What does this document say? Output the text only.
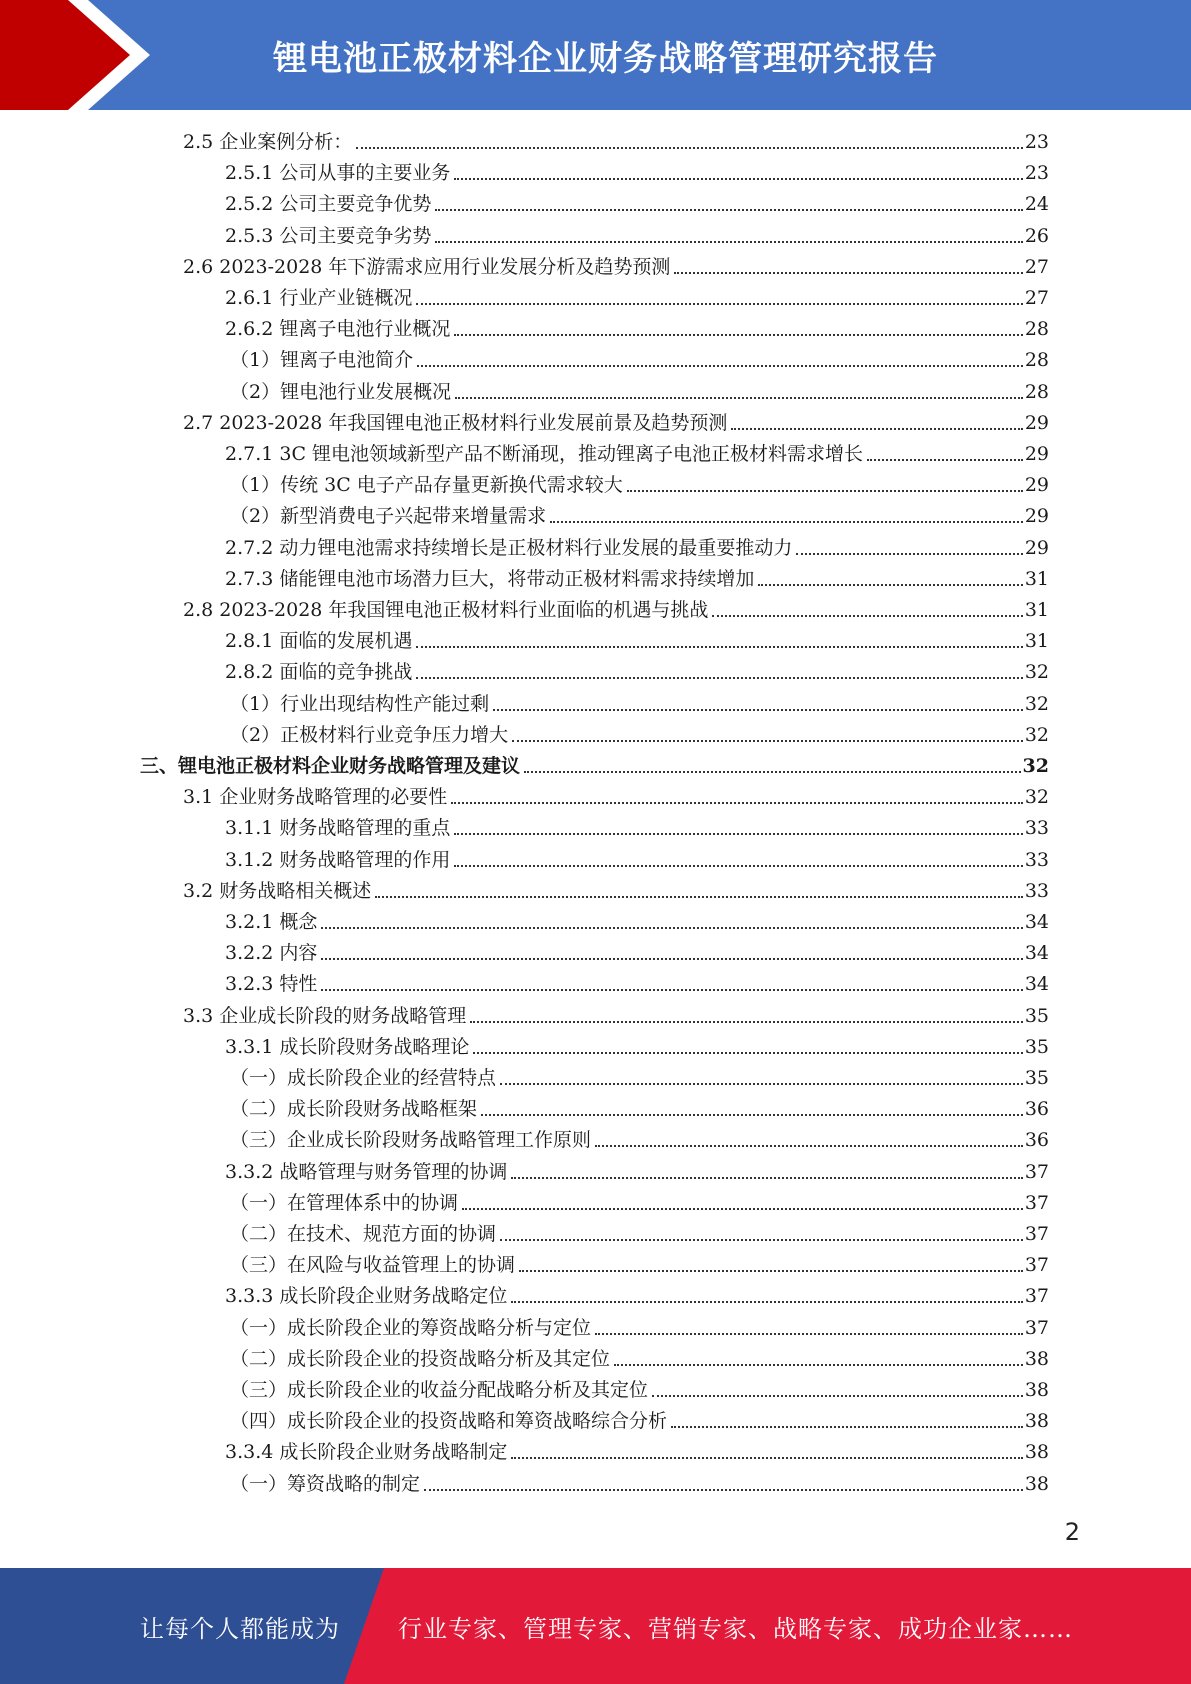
锂电池正极材料企业财务战略管理研究报告
2.5 企业案例分析：	23
2.5.1 公司从事的主要业务	23
2.5.2 公司主要竞争优势	24
2.5.3 公司主要竞争劣势	26
2.6 2023-2028 年下游需求应用行业发展分析及趋势预测	27
2.6.1 行业产业链概况	27
2.6.2 锂离子电池行业概况	28
（1）锂离子电池简介	28
（2）锂电池行业发展概况	28
2.7 2023-2028 年我国锂电池正极材料行业发展前景及趋势预测	29
2.7.1 3C 锂电池领域新型产品不断涌现，推动锂离子电池正极材料需求增长	29
（1）传统 3C 电子产品存量更新换代需求较大	29
（2）新型消费电子兴起带来增量需求	29
2.7.2 动力锂电池需求持续增长是正极材料行业发展的最重要推动力	29
2.7.3 储能锂电池市场潜力巨大，将带动正极材料需求持续增加	31
2.8 2023-2028 年我国锂电池正极材料行业面临的机遇与挑战	31
2.8.1 面临的发展机遇	31
2.8.2 面临的竞争挑战	32
（1）行业出现结构性产能过剩	32
（2）正极材料行业竞争压力增大	32
三、锂电池正极材料企业财务战略管理及建议	32
3.1 企业财务战略管理的必要性	32
3.1.1 财务战略管理的重点	33
3.1.2 财务战略管理的作用	33
3.2 财务战略相关概述	33
3.2.1 概念	34
3.2.2 内容	34
3.2.3 特性	34
3.3 企业成长阶段的财务战略管理	35
3.3.1 成长阶段财务战略理论	35
（一）成长阶段企业的经营特点	35
（二）成长阶段财务战略框架	36
（三）企业成长阶段财务战略管理工作原则	36
3.3.2 战略管理与财务管理的协调	37
（一）在管理体系中的协调	37
（二）在技术、规范方面的协调	37
（三）在风险与收益管理上的协调	37
3.3.3 成长阶段企业财务战略定位	37
（一）成长阶段企业的筹资战略分析与定位	37
（二）成长阶段企业的投资战略分析及其定位	38
（三）成长阶段企业的收益分配战略分析及其定位	38
（四）成长阶段企业的投资战略和筹资战略综合分析	38
3.3.4 成长阶段企业财务战略制定	38
（一）筹资战略的制定	38
2
让每个人都能成为 行业专家、管理专家、营销专家、战略专家、成功企业家……
